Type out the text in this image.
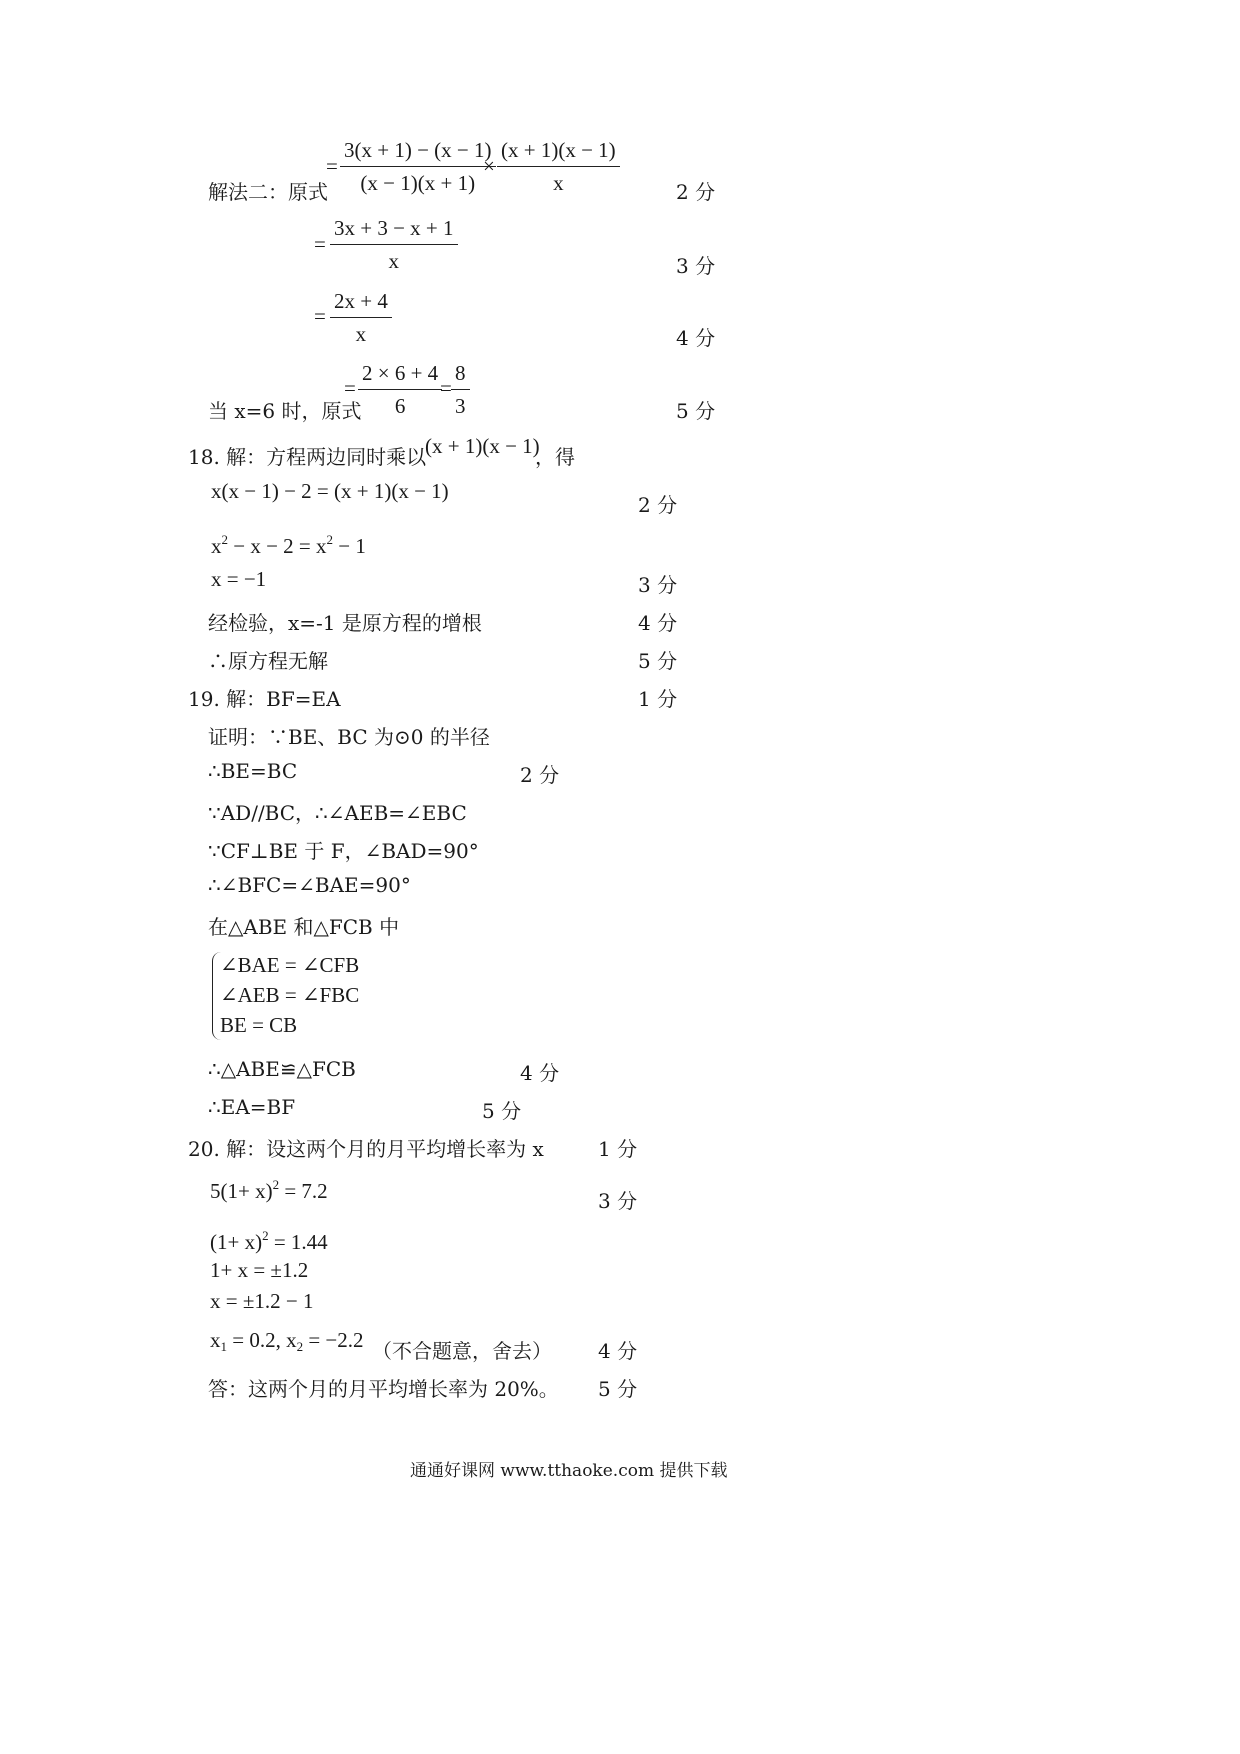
=
3(x + 1) − (x − 1)
(x − 1)(x + 1)
×
(x + 1)(x − 1)
x
解法二：原式	2 分
=
3x + 3 − x + 1
x	3 分
=
2x + 4
x	4 分
=
2 × 6 + 4
6
=
8
3
当 x=6 时，原式	5 分
18. 解：方程两边同时乘以
(x + 1)(x − 1)
，得
x(x − 1) − 2 = (x + 1)(x − 1)
2 分
$x^2 - x - 2 = x^2 - 1$
x = −1	3 分
经检验，x=-1 是原方程的增根	4 分
∴原方程无解	5 分
19. 解：BF=EA	1 分
证明：∵BE、BC 为⊙0 的半径
∴BE=BC	2 分
∵AD//BC，∴∠AEB=∠EBC
∵CF⊥BE 于 F，∠BAD=90°
∴∠BFC=∠BAE=90°
在△ABE 和△FCB 中
∠BAE = ∠CFB
∠AEB = ∠FBC
BE = CB
∴△ABE≌△FCB	4 分
∴EA=BF	5 分
20. 解：设这两个月的月平均增长率为 x	1 分
$5(1+ x)^2 = 7.2$	3 分
$(1+ x)^2 = 1.44$
1+ x = ±1.2
x = ±1.2 − 1
$x_1 = 0.2$, $x_2 = -2.2$ （不合题意，舍去） 4 分
答：这两个月的月平均增长率为 20%。 5 分
通通好课网 www.tthaoke.com 提供下载
